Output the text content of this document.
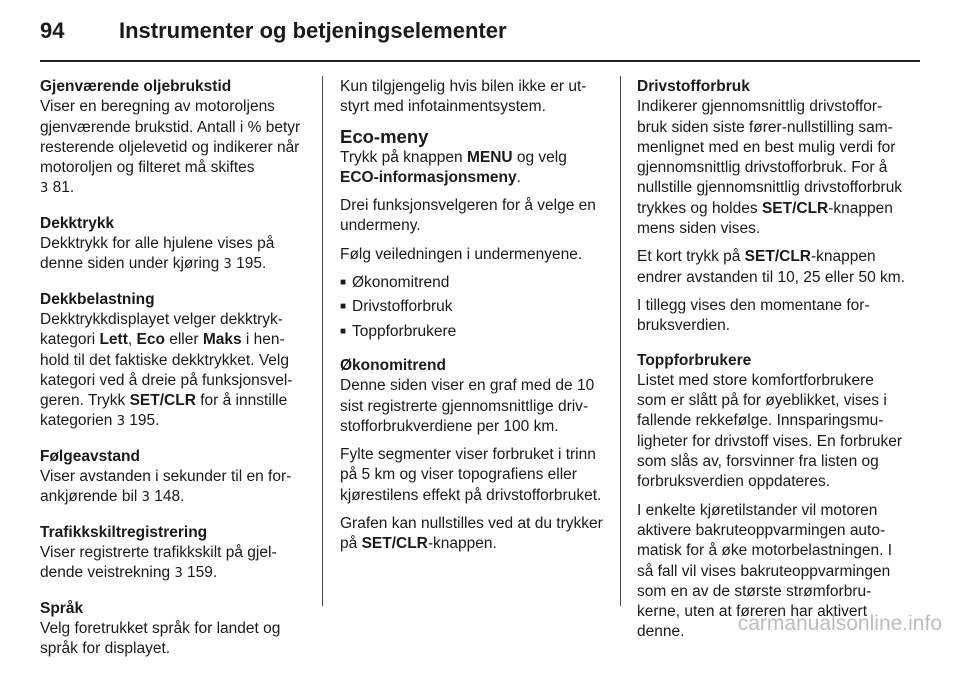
94 Instrumenter og betjeningselementer
Gjenværende oljebrukstid
Viser en beregning av motoroljens gjenværende brukstid. Antall i % betyr resterende oljelevetid og indikerer når motoroljen og filteret må skiftes
3 81.
Dekktrykk
Dekktrykk for alle hjulene vises på denne siden under kjøring 3 195.
Dekkbelastning
Dekktrykkdisplayet velger dekktrykkategori Lett, Eco eller Maks i henhold til det faktiske dekktrykket. Velg kategori ved å dreie på funksjonsvelgeren. Trykk SET/CLR for å innstille kategorien 3 195.
Følgeavstand
Viser avstanden i sekunder til en forankjørende bil 3 148.
Trafikkskiltregistrering
Viser registrerte trafikkskilt på gjeldende veistrekning 3 159.
Språk
Velg foretrukket språk for landet og språk for displayet.

Kun tilgjengelig hvis bilen ikke er utstyrt med infotainmentsystem.

Eco-meny

Trykk på knappen MENU og velg ECO-informasjonsmeny.

Drei funksjonsvelgeren for å velge en undermeny.

Følg veiledningen i undermenyene.

■ Økonomitrend
■ Drivstofforbruk
■ Toppforbrukere
Økonomitrend

Denne siden viser en graf med de 10 sist registrerte gjennomsnittlige drivstofforbrukverdiene per 100 km.

Fylte segmenter viser forbruket i trinn på 5 km og viser topografiens eller kjørestilens effekt på drivstofforbruket.

Grafen kan nullstilles ved at du trykker på SET/CLR-knappen.

Drivstofforbruk

Indikerer gjennomsnittlig drivstofforbruk siden siste fører-nullstilling sammenlignet med en best mulig verdi for gjennomsnittlig drivstofforbruk. For å nullstille gjennomsnittlig drivstofforbruk trykkes og holdes SET/CLR-knappen mens siden vises.

Et kort trykk på SET/CLR-knappen endrer avstanden til 10, 25 eller 50 km.

I tillegg vises den momentane forbruksverdien.

Toppforbrukere

Listet med store komfortforbrukere som er slått på for øyeblikket, vises i fallende rekkefølge. Innsparingsmuligheter for drivstoff vises. En forbruker som slås av, forsvinner fra listen og forbruksverdien oppdateres.

I enkelte kjøretilstander vil motoren aktivere bakruteoppvarmingen automatisk for å øke motorbelastningen. I så fall vil vises bakruteoppvarmingen som en av de største strømforbrukerne, uten at føreren har aktivert denne.	carmanualsonline.info
